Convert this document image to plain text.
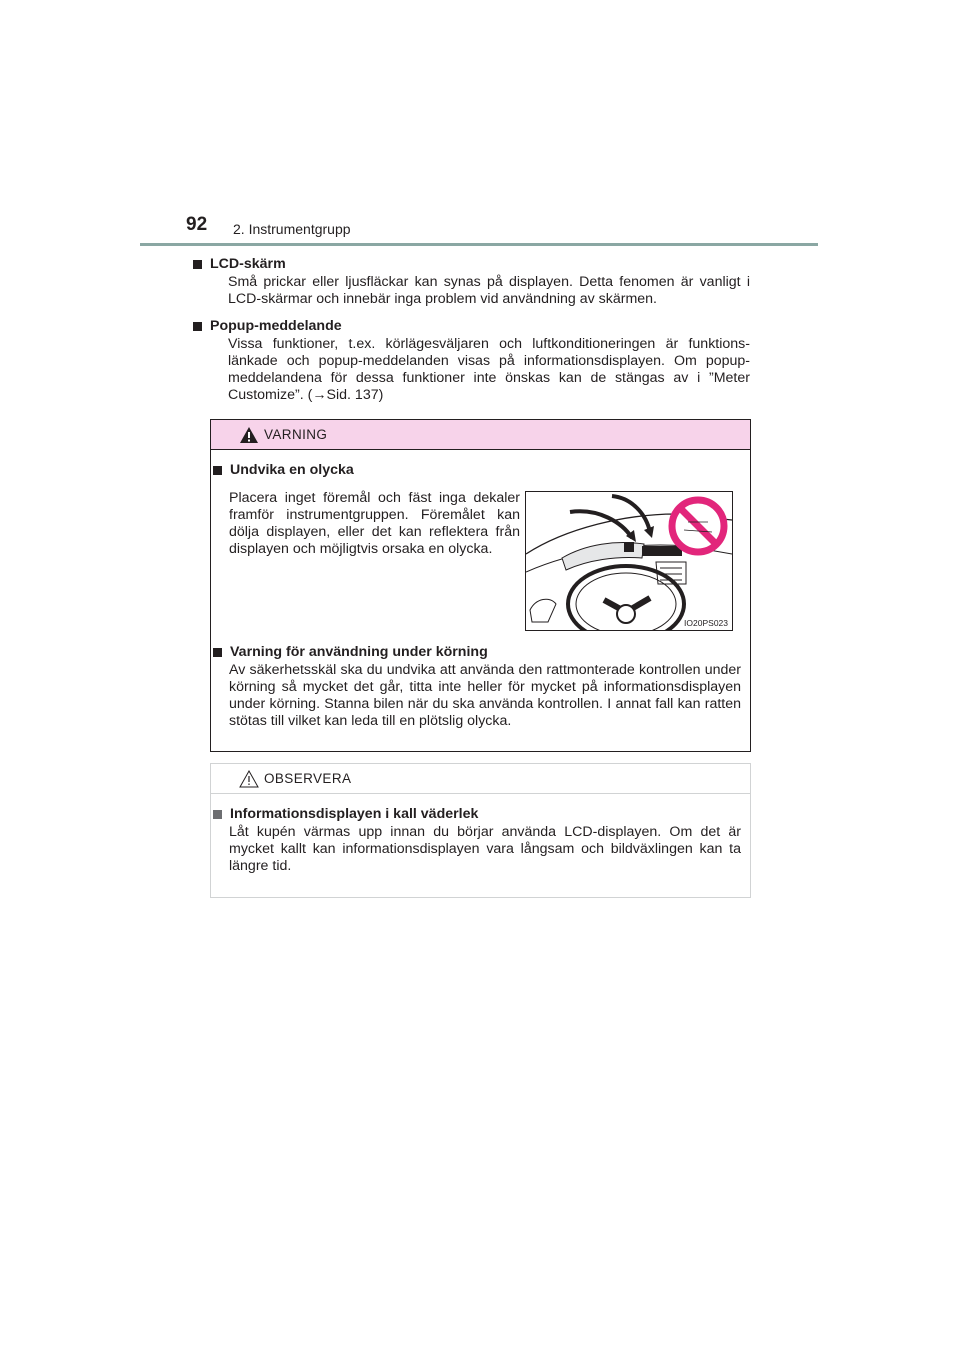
92 2. Instrumentgrupp
LCD-skärm
Små prickar eller ljusfläckar kan synas på displayen. Detta fenomen är vanligt i LCD-skärmar och innebär inga problem vid användning av skärmen.
Popup-meddelande
Vissa funktioner, t.ex. körlägesväljaren och luftkonditioneringen är funktionslänkade och popup-meddelanden visas på informationsdisplayen. Om popup-meddelandena för dessa funktioner inte önskas kan de stängas av i ”Meter Customize”. (→Sid. 137)
VARNING
Undvika en olycka
Placera inget föremål och fäst inga dekaler framför instrumentgruppen. Föremålet kan dölja displayen, eller det kan reflektera från displayen och möjligtvis orsaka en olycka.
IO20PS023
Varning för användning under körning
Av säkerhetsskäl ska du undvika att använda den rattmonterade kontrollen under körning så mycket det går, titta inte heller för mycket på informationsdisplayen under körning. Stanna bilen när du ska använda kontrollen. I annat fall kan ratten stötas till vilket kan leda till en plötslig olycka.
OBSERVERA
Informationsdisplayen i kall väderlek
Låt kupén värmas upp innan du börjar använda LCD-displayen. Om det är mycket kallt kan informationsdisplayen vara långsam och bildväxlingen kan ta längre tid.
